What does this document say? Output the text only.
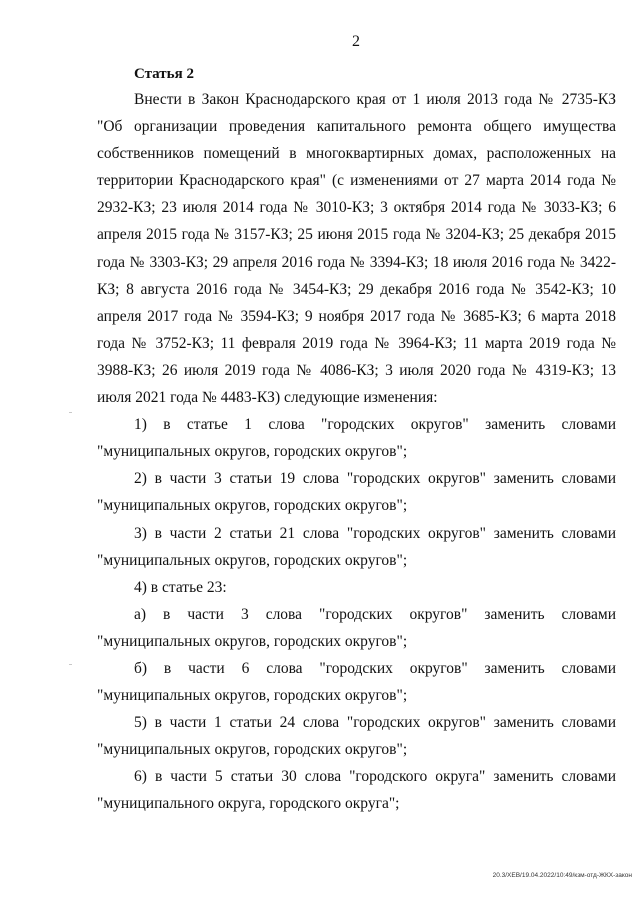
2
Статья 2

Внести в Закон Краснодарского края от 1 июля 2013 года № 2735-КЗ "Об организации проведения капитального ремонта общего имущества собственников помещений в многоквартирных домах, расположенных на территории Краснодарского края" (с изменениями от 27 марта 2014 года № 2932-КЗ; 23 июля 2014 года № 3010-КЗ; 3 октября 2014 года № 3033-КЗ; 6 апреля 2015 года № 3157-КЗ; 25 июня 2015 года № 3204-КЗ; 25 декабря 2015 года № 3303-КЗ; 29 апреля 2016 года № 3394-КЗ; 18 июля 2016 года № 3422-КЗ; 8 августа 2016 года № 3454-КЗ; 29 декабря 2016 года № 3542-КЗ; 10 апреля 2017 года № 3594-КЗ; 9 ноября 2017 года № 3685-КЗ; 6 марта 2018 года № 3752-КЗ; 11 февраля 2019 года № 3964-КЗ; 11 марта 2019 года № 3988-КЗ; 26 июля 2019 года № 4086-КЗ; 3 июля 2020 года № 4319-КЗ; 13 июля 2021 года № 4483-КЗ) следующие изменения:

1) в статье 1 слова "городских округов" заменить словами "муниципальных округов, городских округов";

2) в части 3 статьи 19 слова "городских округов" заменить словами "муниципальных округов, городских округов";

3) в части 2 статьи 21 слова "городских округов" заменить словами "муниципальных округов, городских округов";

4) в статье 23:

а) в части 3 слова "городских округов" заменить словами "муниципальных округов, городских округов";

б) в части 6 слова "городских округов" заменить словами "муниципальных округов, городских округов";

5) в части 1 статьи 24 слова "городских округов" заменить словами "муниципальных округов, городских округов";

6) в части 5 статьи 30 слова "городского округа" заменить словами "муниципального округа, городского округа";

20.3/ХЕВ/19.04.2022/10:49/кзм-отд-ЖКХ-закон
